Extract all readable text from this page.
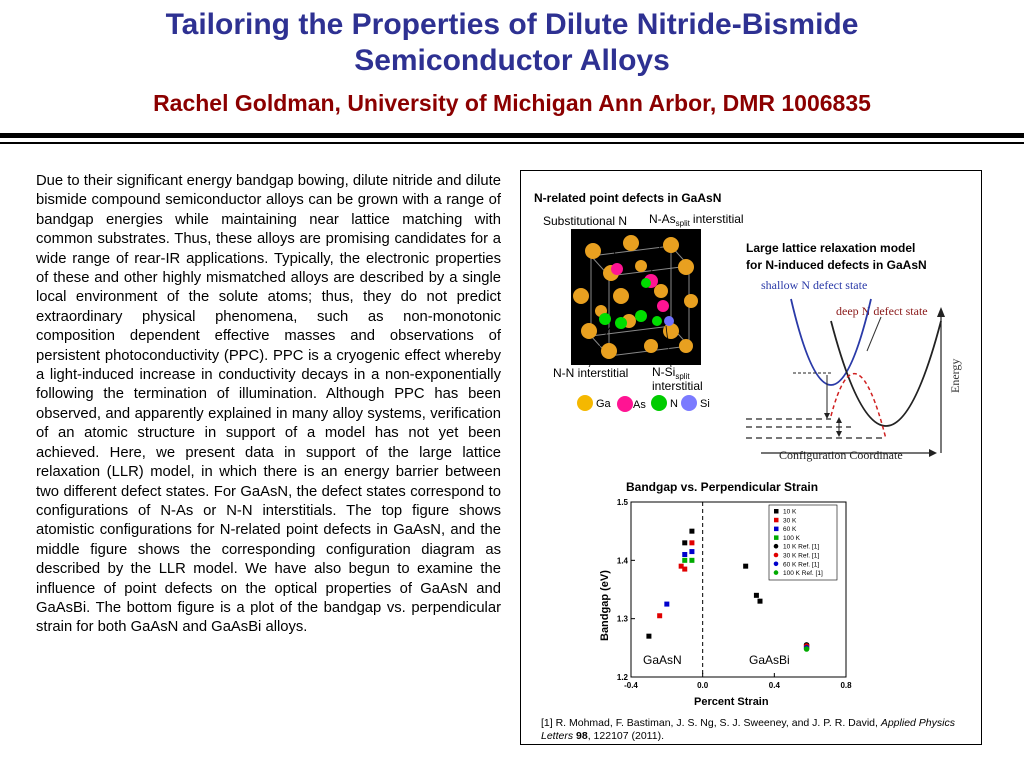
Tailoring the Properties of Dilute Nitride-Bismide
Semiconductor Alloys
Rachel Goldman, University of Michigan Ann Arbor, DMR 1006835

Due to their significant energy bandgap bowing, dilute nitride and dilute bismide compound semiconductor alloys can be grown with a range of bandgap energies while maintaining near lattice matching with common substrates. Thus, these alloys are promising candidates for a wide range of rear-IR applications. Typically, the electronic properties of these and other highly mismatched alloys are described by a single local environment of the solute atoms; thus, they do not predict extraordinary physical phenomena, such as non-monotonic composition dependent effective masses and observations of persistent photoconductivity (PPC). PPC is a cryogenic effect whereby a light-induced increase in conductivity decays in a non-exponentially following the termination of illumination. Although PPC has been observed, and apparently explained in many alloy systems, verification of an atomic structure in support of a model has not yet been achieved. Here, we present data in support of the large lattice relaxation (LLR) model, in which there is an energy barrier between two different defect states. For GaAsN, the defect states correspond to configurations of N-As or N-N interstitials. The top figure shows atomistic configurations for N-related point defects in GaAsN, and the middle figure shows the corresponding configuration diagram as described by the LLR model. We have also begun to examine the influence of point defects on the optical properties of GaAsN and GaAsBi. The bottom figure is a plot of the bandgap vs. perpendicular strain for both GaAsN and GaAsBi alloys.

N-related point defects in GaAsN
Substitutional N $N-As_{split}$ interstitial
N-N interstitial $N-Si_{split}$
interstitial
Ga As N Si
Large lattice relaxation model
for N-induced defects in GaAsN
shallow N defect state
deep N defect state
Energy
Configuration Coordinate
Bandgap vs. Perpendicular Strain
-0.4	0.0	0.4	0.8
1.2
1.3
1.4
1.5
GaAsN	GaAsBi
10 K
30 K
60 K
100 K
10 K Ref. [1]
30 K Ref. [1]
60 K Ref. [1]
100 K Ref. [1]
Bandgap (eV)
Percent Strain
[1] R. Mohmad, F. Bastiman, J. S. Ng, S. J. Sweeney, and J. P. R. David, Applied Physics Letters 98, 122107 (2011).
